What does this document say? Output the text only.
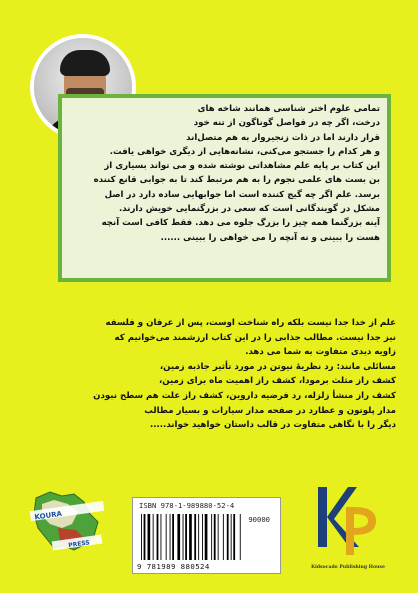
تمامی علوم اختر شناسی همانند شاخه های

درخت، اگر چه در فواصل گوناگون از تنه خود

قرار دارند اما در ذات زنجیروار به هم متصل‌اند

و هر کدام را جستجو می‌کنی، نشانه‌هایی از دیگری خواهی یافت.

این کتاب بر پایه علم مشاهداتی نوشته شده و می تواند بسیاری از

بن بست های علمی نجوم را به هم مرتبط کند تا به جوابی قانع کننده

برسد. علم اگر چه گیج کننده است اما جوابهایی ساده دارد در اصل

مشکل در گویندگانی است که سعی در بزرگنمایی خویش دارند.

آینه بزرگنما همه چیز را بزرگ جلوه می دهد. فقط کافی است آنچه

هست را ببینی و نه آنچه را می خواهی را ببینی ......

علم از خدا جدا نیست بلکه راه شناخت اوست، پس از عرفان و فلسفه

نیز جدا نیست. مطالب جذابی را در این کتاب ارزشمند می‌خوانیم که

زاویه دیدی متفاوت به شما می دهد.

مسائلی مانند: رد نظریهٔ نیوتن در مورد تأثیر جاذبه زمین،

کشف راز مثلث برمودا، کشف راز اهمیت ماه برای زمین،

کشف راز منشأ زلزله، رد فرضیه داروین، کشف راز علت هم سطح نبودن

مدار پلوتون و عطارد در صفحه مدار سیارات و بسیار مطالب

دیگر را با نگاهی متفاوت در قالب داستان خواهید خواند.....

KOURA
PRESS
ISBN 978-1-989880-52-4
90000
9 781989 880524	Kidsocado Publishing House
